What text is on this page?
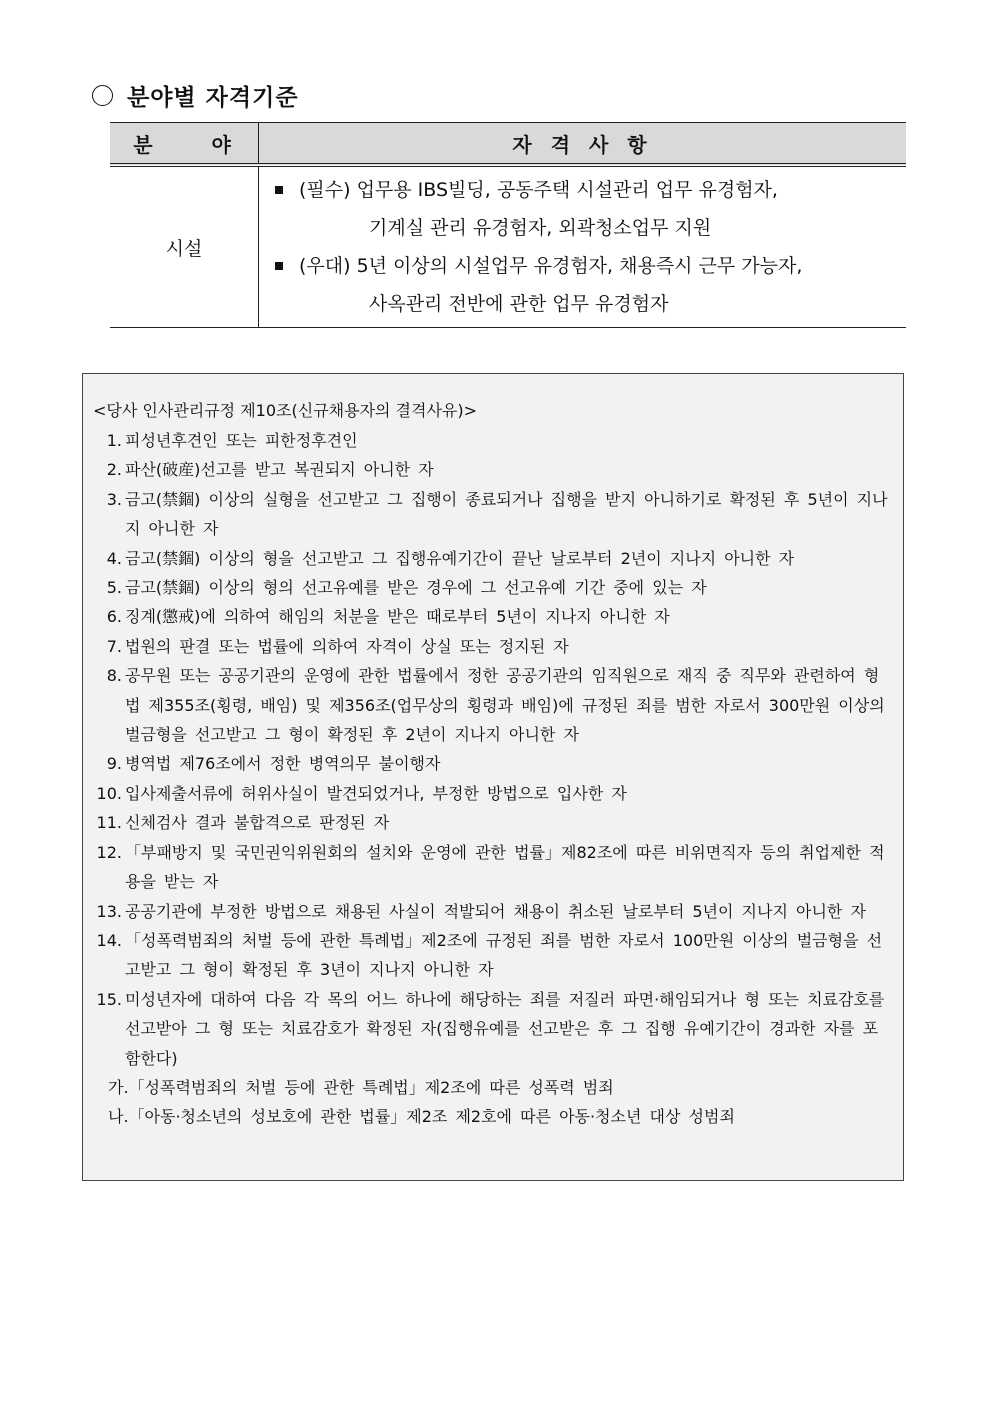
분야별 자격기준
분 야	자 격 사 항
시설	(필수) 업무용 IBS빌딩, 공동주택 시설관리 업무 유경험자,
기계실 관리 유경험자, 외곽청소업무 지원
(우대) 5년 이상의 시설업무 유경험자, 채용즉시 근무 가능자,
사옥관리 전반에 관한 업무 유경험자
<당사 인사관리규정 제10조(신규채용자의 결격사유)>
1. 피성년후견인 또는 피한정후견인
2. 파산(破産)선고를 받고 복권되지 아니한 자
3. 금고(禁錮) 이상의 실형을 선고받고 그 집행이 종료되거나 집행을 받지 아니하기로 확정된 후 5년이 지나지 아니한 자
4. 금고(禁錮) 이상의 형을 선고받고 그 집행유예기간이 끝난 날로부터 2년이 지나지 아니한 자
5. 금고(禁錮) 이상의 형의 선고유예를 받은 경우에 그 선고유예 기간 중에 있는 자
6. 징계(懲戒)에 의하여 해임의 처분을 받은 때로부터 5년이 지나지 아니한 자
7. 법원의 판결 또는 법률에 의하여 자격이 상실 또는 정지된 자
8. 공무원 또는 공공기관의 운영에 관한 법률에서 정한 공공기관의 임직원으로 재직 중 직무와 관련하여 형법 제355조(횡령, 배임) 및 제356조(업무상의 횡령과 배임)에 규정된 죄를 범한 자로서 300만원 이상의 벌금형을 선고받고 그 형이 확정된 후 2년이 지나지 아니한 자
9. 병역법 제76조에서 정한 병역의무 불이행자
10. 입사제출서류에 허위사실이 발견되었거나, 부정한 방법으로 입사한 자
11. 신체검사 결과 불합격으로 판정된 자
12. 「부패방지 및 국민권익위원회의 설치와 운영에 관한 법률」제82조에 따른 비위면직자 등의 취업제한 적용을 받는 자
13. 공공기관에 부정한 방법으로 채용된 사실이 적발되어 채용이 취소된 날로부터 5년이 지나지 아니한 자
14. 「성폭력범죄의 처벌 등에 관한 특례법」제2조에 규정된 죄를 범한 자로서 100만원 이상의 벌금형을 선고받고 그 형이 확정된 후 3년이 지나지 아니한 자
15. 미성년자에 대하여 다음 각 목의 어느 하나에 해당하는 죄를 저질러 파면·해임되거나 형 또는 치료감호를 선고받아 그 형 또는 치료감호가 확정된 자(집행유예를 선고받은 후 그 집행 유예기간이 경과한 자를 포함한다)
가.「성폭력범죄의 처벌 등에 관한 특례법」제2조에 따른 성폭력 범죄
나.「아동·청소년의 성보호에 관한 법률」제2조 제2호에 따른 아동·청소년 대상 성범죄
